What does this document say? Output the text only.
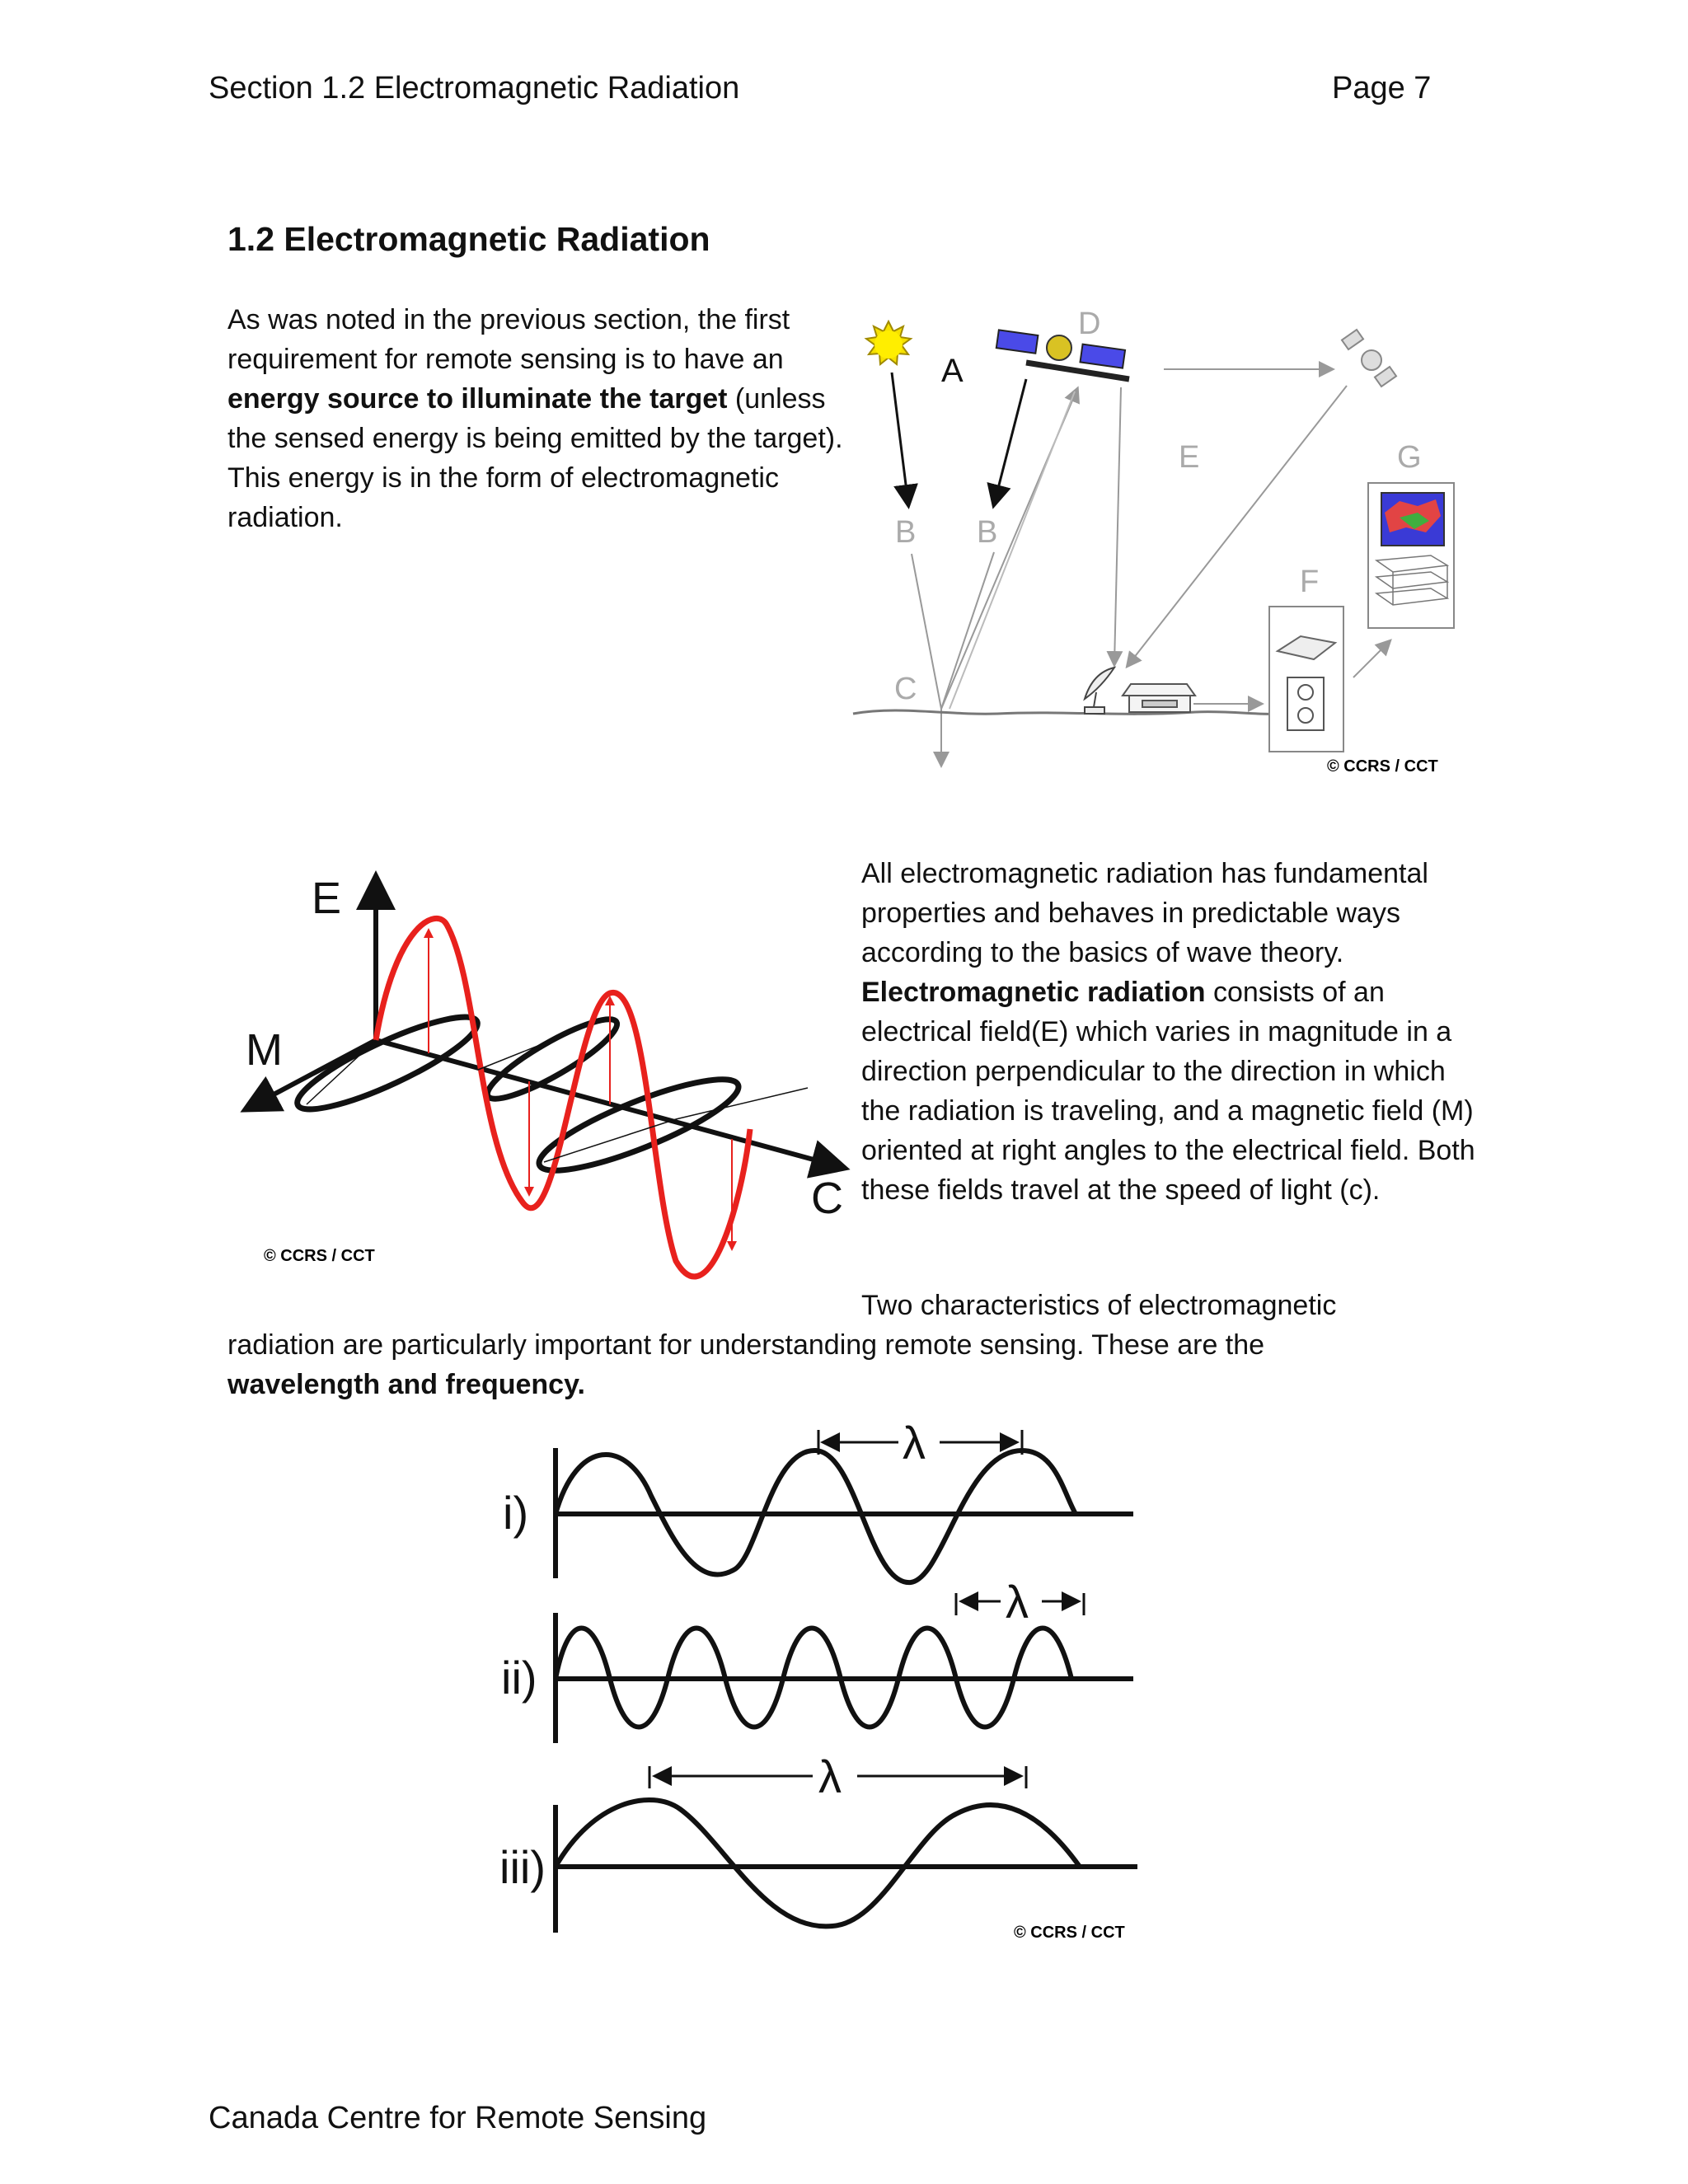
Section 1.2 Electromagnetic Radiation	Page 7
1.2 Electromagnetic Radiation
As was noted in the previous section, the first requirement for remote sensing is to have an energy source to illuminate the target (unless the sensed energy is being emitted by the target). This energy is in the form of electromagnetic radiation.
A
D
E	G
F
B B
C
© CCRS / CCT
E
M
C
© CCRS / CCT
All electromagnetic radiation has fundamental properties and behaves in predictable ways according to the basics of wave theory. Electromagnetic radiation consists of an electrical field(E) which varies in magnitude in a direction perpendicular to the direction in which the radiation is traveling, and a magnetic field (M) oriented at right angles to the electrical field. Both these fields travel at the speed of light (c).
Two characteristics of electromagnetic
radiation are particularly important for understanding remote sensing. These are the
wavelength and frequency.
λ
λ
λ
i)
ii)
iii)
© CCRS / CCT
Canada Centre for Remote Sensing
